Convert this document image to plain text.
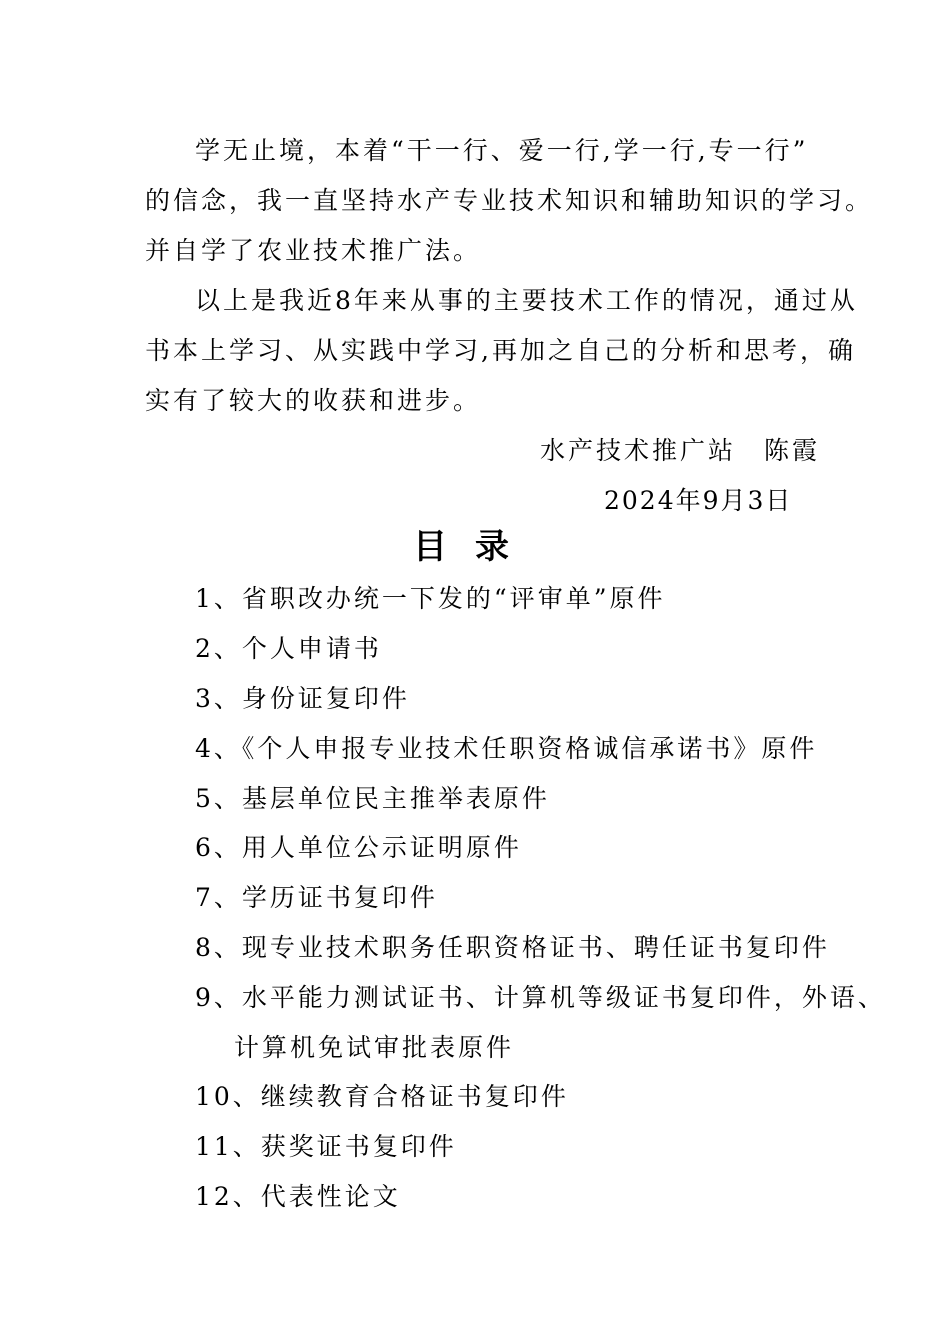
学无止境，本着“干一行、爱一行,学一行,专一行”
的信念，我一直坚持水产专业技术知识和辅助知识的学习。
并自学了农业技术推广法。
以上是我近8年来从事的主要技术工作的情况，通过从
书本上学习、从实践中学习,再加之自己的分析和思考，确
实有了较大的收获和进步。
水产技术推广站　陈霞
2024年9月3日
目录
1、省职改办统一下发的“评审单”原件
2、个人申请书
3、身份证复印件
4、《个人申报专业技术任职资格诚信承诺书》原件
5、基层单位民主推举表原件
6、用人单位公示证明原件
7、学历证书复印件
8、现专业技术职务任职资格证书、聘任证书复印件
9、水平能力测试证书、计算机等级证书复印件，外语、
计算机免试审批表原件
10、继续教育合格证书复印件
11、获奖证书复印件
12、代表性论文
